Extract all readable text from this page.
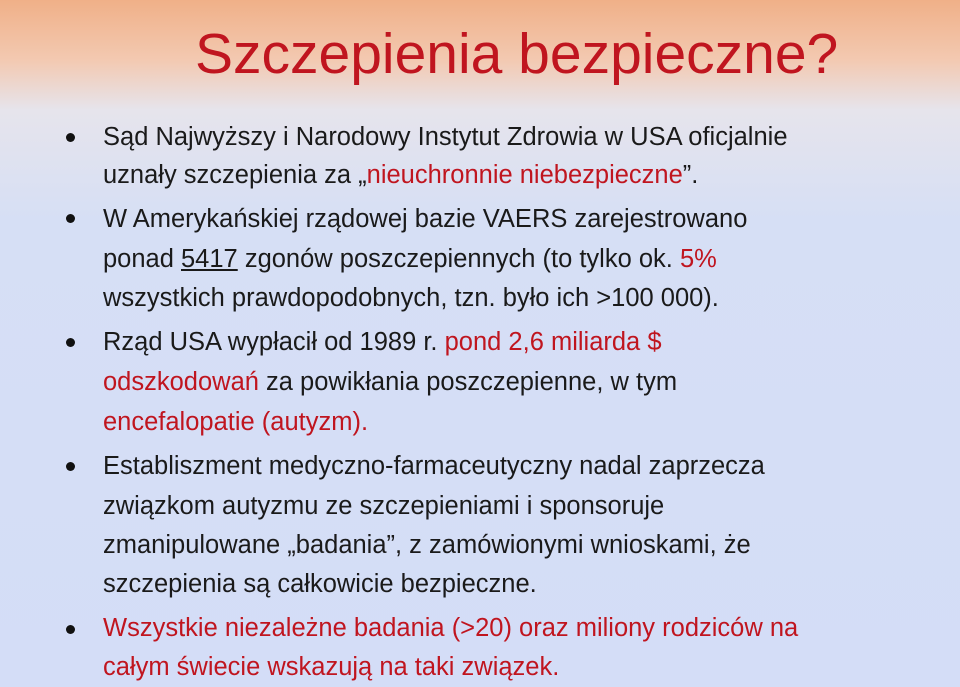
Szczepienia bezpieczne?
Sąd Najwyższy i Narodowy Instytut Zdrowia w USA oficjalnie
uznały szczepienia za „nieuchronnie niebezpieczne”.
W Amerykańskiej rządowej bazie VAERS zarejestrowano
ponad 5417 zgonów poszczepiennych (to tylko ok. 5%
wszystkich prawdopodobnych, tzn. było ich >100 000).
Rząd USA wypłacił od 1989 r. pond 2,6 miliarda $
odszkodowań za powikłania poszczepienne, w tym
encefalopatie (autyzm).
Establiszment medyczno-farmaceutyczny nadal zaprzecza
związkom autyzmu ze szczepieniami i sponsoruje
zmanipulowane „badania”, z zamówionymi wnioskami, że
szczepienia są całkowicie bezpieczne.
Wszystkie niezależne badania (>20) oraz miliony rodziców na
całym świecie wskazują na taki związek.
